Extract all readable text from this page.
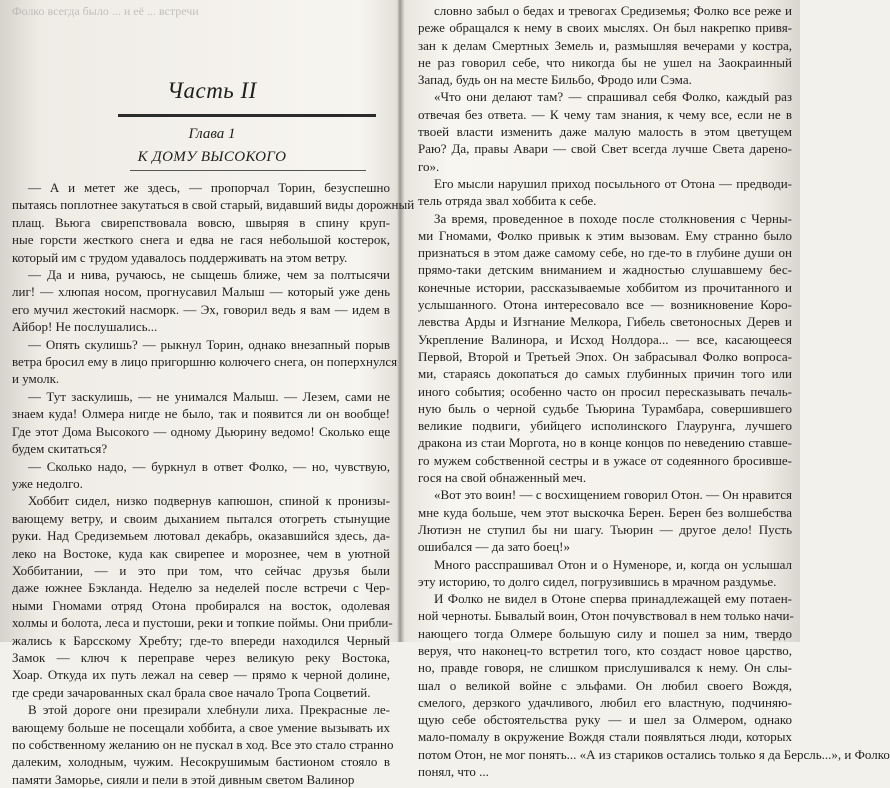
Фолко всегда было ... и её ... встречи
Часть II
Глава 1
К ДОМУ ВЫСОКОГО

— А и метет же здесь, — пропорчал Торин, безуспешно
пытаясь поплотнее закутаться в свой старый, видавший виды дорожный
плащ. Вьюга свирепствовала вовсю, швыряя в спину круп-
ные горсти жесткого снега и едва не гася небольшой костерок,
который им с трудом удавалось поддерживать на этом ветру.

— Да и нива, ручаюсь, не сыщешь ближе, чем за полтысячи
лиг! — хлюпая носом, прогнусавил Малыш — который уже день
его мучил жестокий насморк. — Эх, говорил ведь я вам — идем в
Айбор! Не послушались...

— Опять скулишь? — рыкнул Торин, однако внезапный порыв
ветра бросил ему в лицо пригоршню колючего снега, он поперхнулся
и умолк.

— Тут заскулишь, — не унимался Малыш. — Лезем, сами не
знаем куда! Олмера нигде не было, так и появится ли он вообще!
Где этот Дома Высокого — одному Дьюрину ведомо! Сколько еще
будем скитаться?

— Сколько надо, — буркнул в ответ Фолко, — но, чувствую,
уже недолго.

Хоббит сидел, низко подвернув капюшон, спиной к пронизы-
вающему ветру, и своим дыханием пытался отогреть стынущие
руки. Над Средиземьем лютовал декабрь, оказавшийся здесь, да-
леко на Востоке, куда как свирепее и морознее, чем в уютной
Хоббитании, — и это при том, что сейчас друзья были
даже южнее Бэкланда. Неделю за неделей после встречи с Чер-
ными Гномами отряд Отона пробирался на восток, одолевая
холмы и болота, леса и пустоши, реки и топкие поймы. Они прибли-
жались к Барсскому Хребту; где-то впереди находился Черный
Замок — ключ к переправе через великую реку Востока,
Хоар. Откуда их путь лежал на север — прямо к черной долине,
где среди зачарованных скал брала свое начало Тропа Соцветий.

В этой дороге они презирали хлебнули лиха. Прекрасные ле-
вающему больше не посещали хоббита, а свое умение вызывать их
по собственному желанию он не пускал в ход. Все это стало странно
далеким, холодным, чужим. Несокрушимым бастионом стояло в
памяти Заморье, сияли и пели в этой дивным светом Валинор

словно забыл о бедах и тревогах Средиземья; Фолко все реже и
реже обращался к нему в своих мыслях. Он был накрепко привя-
зан к делам Смертных Земель и, размышляя вечерами у костра,
не раз говорил себе, что никогда бы не ушел на Заокраинный
Запад, будь он на месте Бильбо, Фродо или Сэма.

«Что они делают там? — спрашивал себя Фолко, каждый раз
отвечая без ответа. — К чему там знания, к чему все, если не в
твоей власти изменить даже малую малость в этом цветущем
Раю? Да, правы Авари — свой Свет всегда лучше Света дарено-
го».

Его мысли нарушил приход посыльного от Отона — предводи-
тель отряда звал хоббита к себе.

За время, проведенное в походе после столкновения с Черны-
ми Гномами, Фолко привык к этим вызовам. Ему странно было
признаться в этом даже самому себе, но где-то в глубине души он
прямо-таки детским вниманием и жадностью слушавшему бес-
конечные истории, рассказываемые хоббитом из прочитанного и
услышанного. Отона интересовало все — возникновение Коро-
левства Арды и Изгнание Мелкора, Гибель светоносных Дерев и
Укрепление Валинора, и Исход Нолдора... — все, касающееся
Первой, Второй и Третьей Эпох. Он забрасывал Фолко вопроса-
ми, стараясь докопаться до самых глубинных причин того или
иного события; особенно часто он просил пересказывать печаль-
ную быль о черной судьбе Тьюрина Турамбара, совершившего
великие подвиги, убийцего исполинского Глаурунга, лучшего
дракона из стаи Моргота, но в конце концов по неведению ставше-
го мужем собственной сестры и в ужасе от содеянного бросивше-
гося на свой обнаженный меч.

«Вот это воин! — с восхищением говорил Отон. — Он нравится
мне куда больше, чем этот выскочка Берен. Берен без волшебства
Лютиэн не ступил бы ни шагу. Тьюрин — другое дело! Пусть
ошибался — да зато боец!»

Много расспрашивал Отон и о Нуменоре, и, когда он услышал
эту историю, то долго сидел, погрузившись в мрачном раздумье.

И Фолко не видел в Отоне сперва принадлежащей ему потаен-
ной черноты. Бывалый воин, Отон почувствовал в нем только начи-
нающего тогда Олмере большую силу и пошел за ним, твердо
веруя, что наконец-то встретил того, кто создаст новое царство,
но, правде говоря, не слишком прислушивался к нему. Он слы-
шал о великой войне с эльфами. Он любил своего Вождя,
смелого, дерзкого удачливого, любил его властную, подчиняю-
щую себе обстоятельства руку — и шел за Олмером, однако
мало-помалу в окружение Вождя стали появляться люди, которых
потом Отон, не мог понять... «А из стариков остались только я да Берсль...», и Фолко
понял, что ...
